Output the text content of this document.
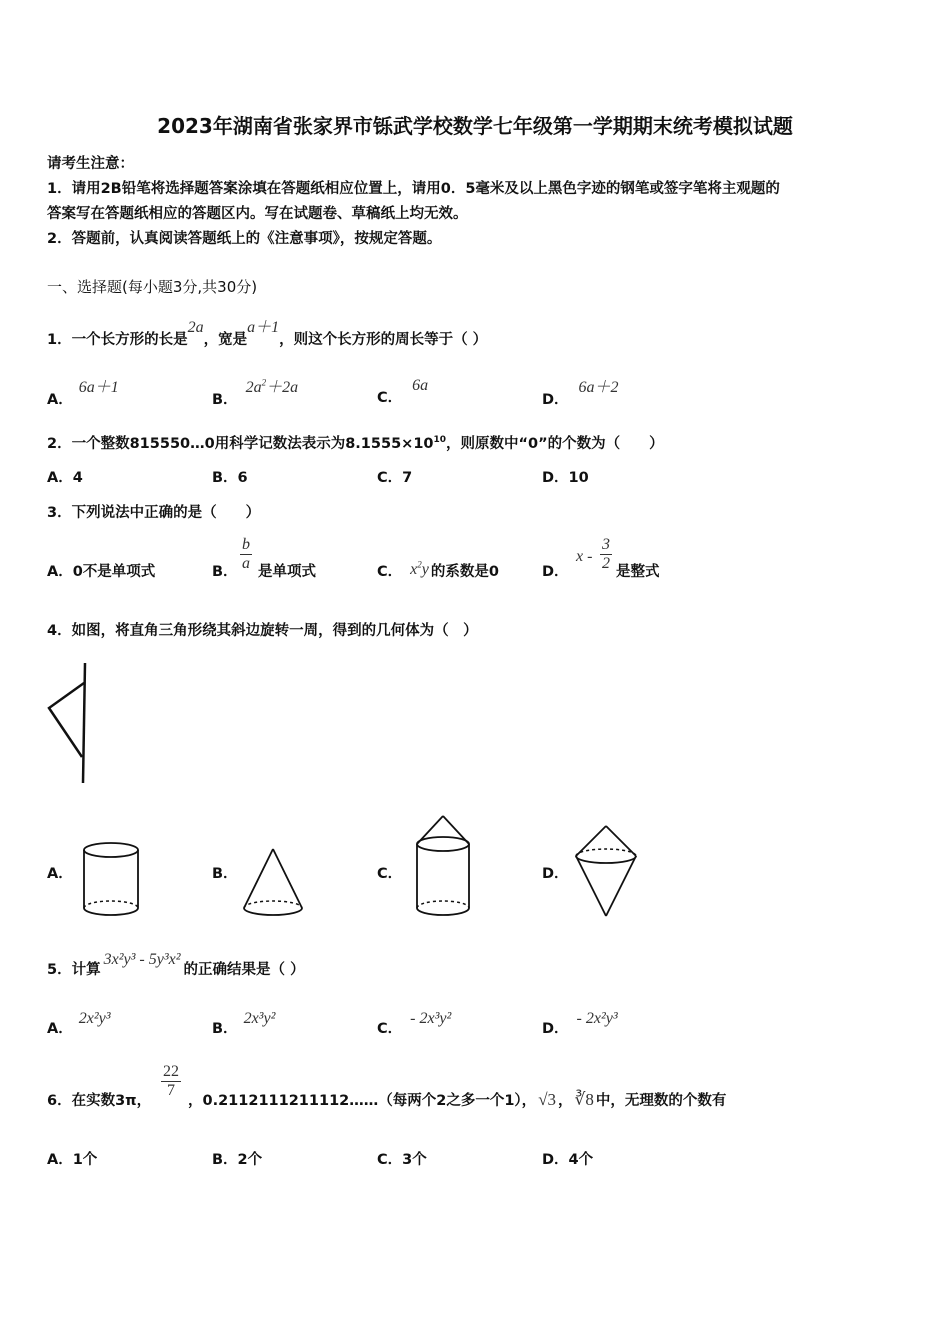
2023年湖南省张家界市铄武学校数学七年级第一学期期末统考模拟试题
请考生注意：
1．请用2B铅笔将选择题答案涂填在答题纸相应位置上，请用0．5毫米及以上黑色字迹的钢笔或签字笔将主观题的
答案写在答题纸相应的答题区内。写在试题卷、草稿纸上均无效。
2．答题前，认真阅读答题纸上的《注意事项》，按规定答题。
一、选择题(每小题3分,共30分)
1．一个长方形的长是2a，宽是a＋1，则这个长方形的周长等于（ ）
A．6a＋1
B．$2a^2+2a$
C．6a
D．6a＋2
2．一个整数815550…0用科学记数法表示为$8.1555\times 10^{10}$，则原数中“0”的个数为（　　）
A．4	B．6	C．7	D．10
3．下列说法中正确的是（　　）
A．0不是单项式	B． $\frac{b}{a}$ 是单项式	C． $x^2y$ 的系数是0	D．
x - $\frac{3}{2}$ 是整式
4．如图，将直角三角形绕其斜边旋转一周，得到的几何体为（　）
A．	B．	C．	D．
5．计算3x²y³ - 5y³x²的正确结果是（ ）
A．2x²y³
B．2x³y²
C．- 2x³y²
D．- 2x²y³
6．在实数3π，
$\frac{22}{7}$
，0.2112111211112……（每两个2之多一个1）， √3 ， ∛8 中，无理数的个数有
A．1个	B．2个	C．3个	D．4个
